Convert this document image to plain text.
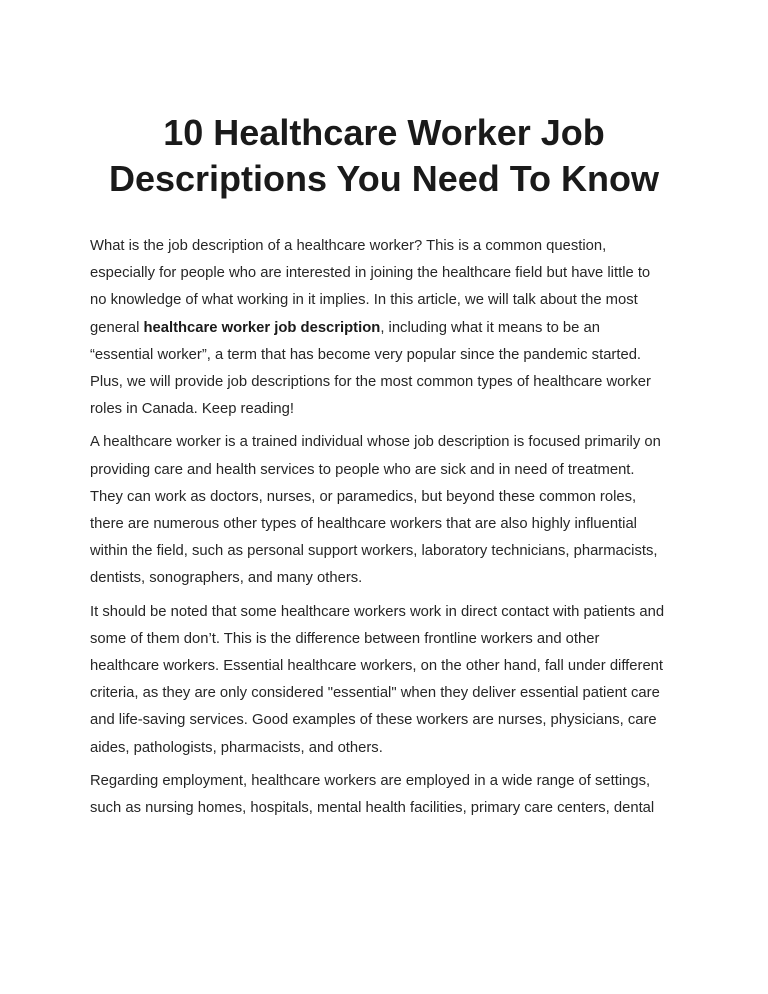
10 Healthcare Worker Job
Descriptions You Need To Know

What is the job description of a healthcare worker? This is a common question,
especially for people who are interested in joining the healthcare field but have little to
no knowledge of what working in it implies. In this article, we will talk about the most
general healthcare worker job description, including what it means to be an
“essential worker”, a term that has become very popular since the pandemic started.
Plus, we will provide job descriptions for the most common types of healthcare worker
roles in Canada. Keep reading!

A healthcare worker is a trained individual whose job description is focused primarily on
providing care and health services to people who are sick and in need of treatment.
They can work as doctors, nurses, or paramedics, but beyond these common roles,
there are numerous other types of healthcare workers that are also highly influential
within the field, such as personal support workers, laboratory technicians, pharmacists,
dentists, sonographers, and many others.

It should be noted that some healthcare workers work in direct contact with patients and
some of them don’t. This is the difference between frontline workers and other
healthcare workers. Essential healthcare workers, on the other hand, fall under different
criteria, as they are only considered "essential" when they deliver essential patient care
and life-saving services. Good examples of these workers are nurses, physicians, care
aides, pathologists, pharmacists, and others.

Regarding employment, healthcare workers are employed in a wide range of settings,
such as nursing homes, hospitals, mental health facilities, primary care centers, dental
